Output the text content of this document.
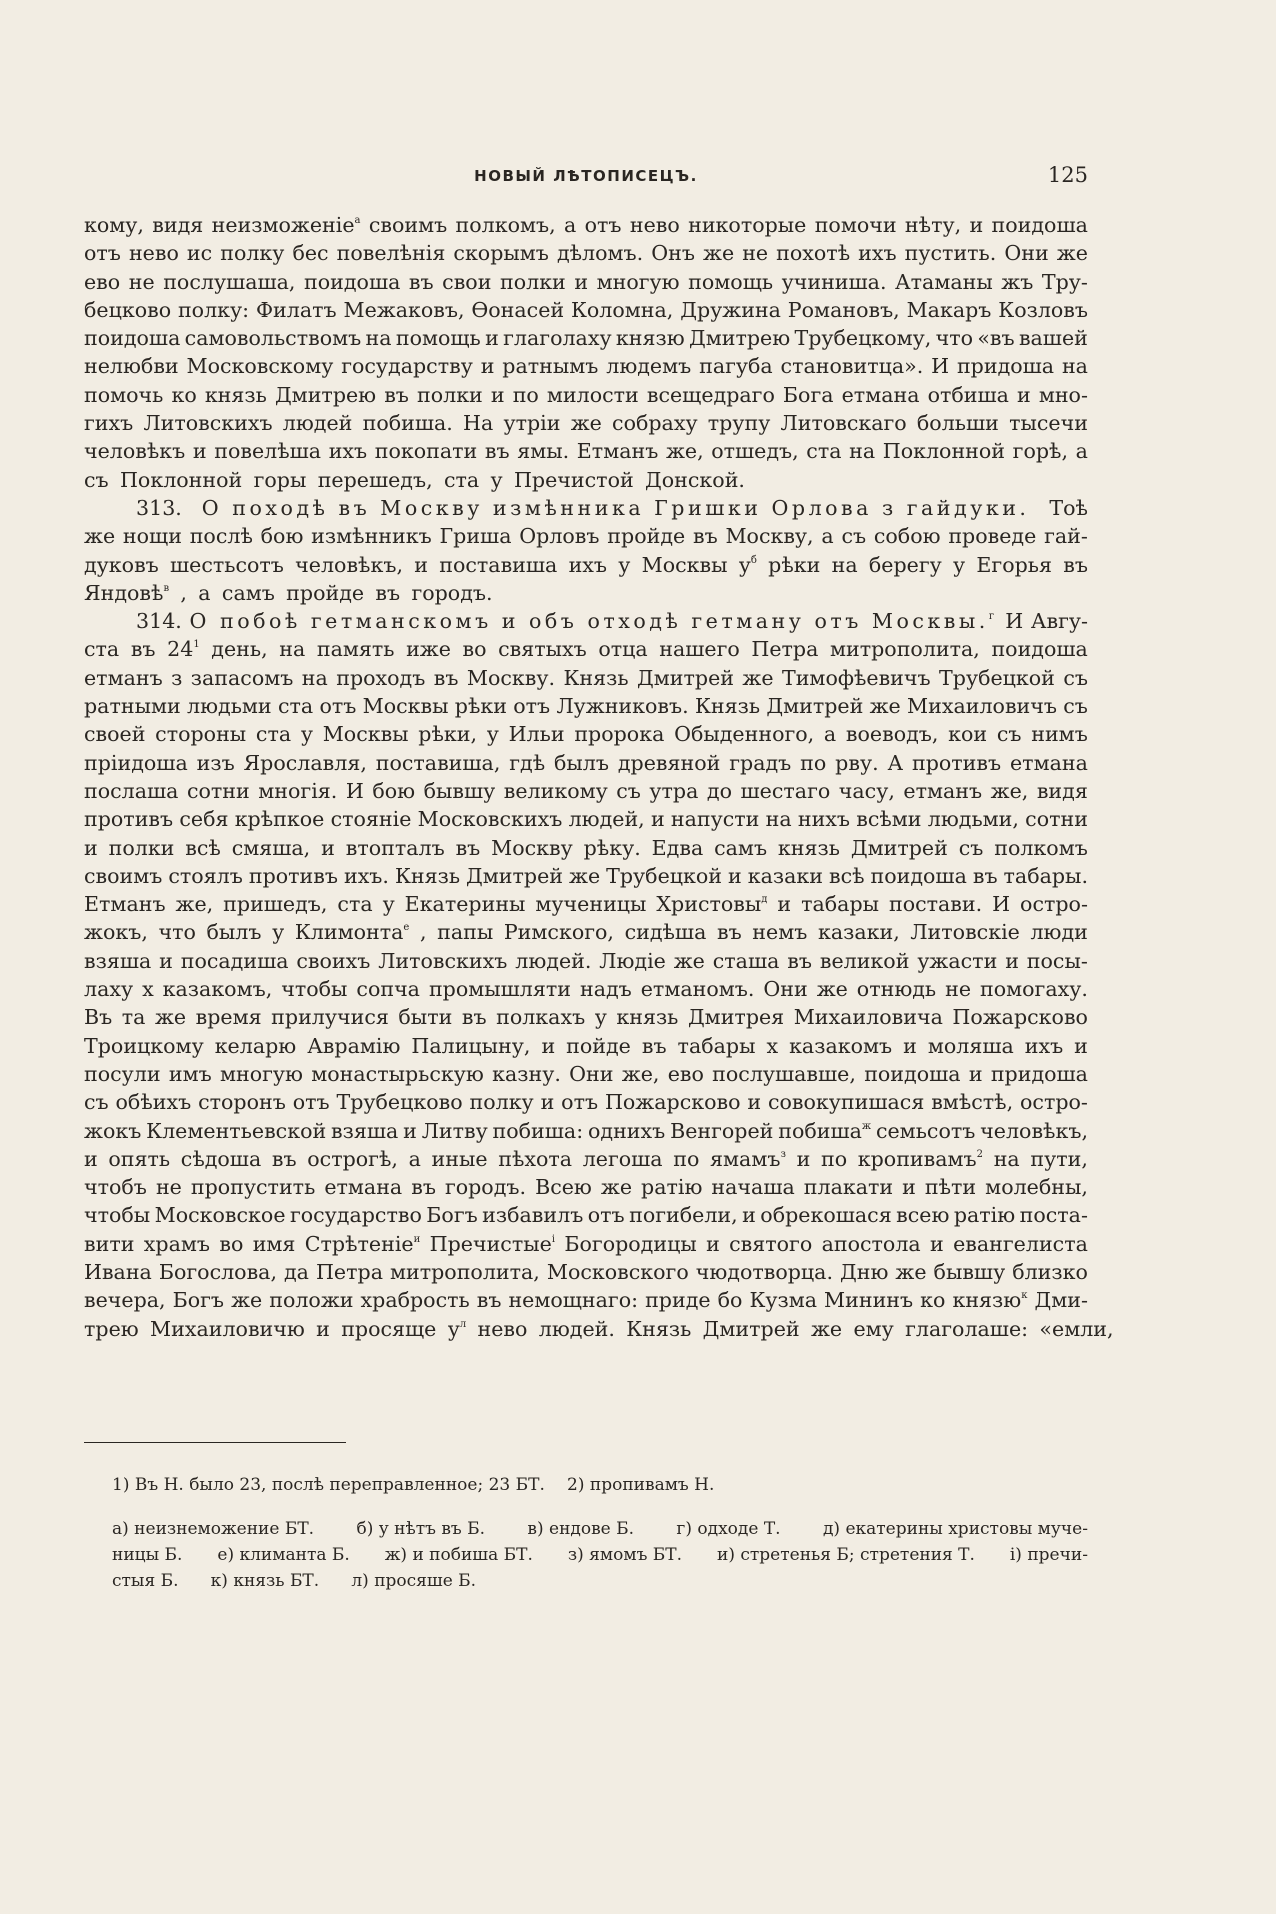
НОВЫЙ ЛѢТОПИСЕЦЪ.	125
кому, видя неизможеніе$^а$ своимъ полкомъ, а отъ нево никоторые помочи нѣту, и поидоша
отъ нево ис полку бес повелѣнія скорымъ дѣломъ. Онъ же не похотѣ ихъ пустить. Они же
ево не послушаша, поидоша въ свои полки и многую помощь учиниша. Атаманы жъ Тру-
бецково полку: Филатъ Межаковъ, Ѳонасей Коломна, Дружина Романовъ, Макаръ Козловъ
поидоша самовольствомъ на помощь и глаголаху князю Дмитрею Трубецкому, что «въ вашей
нелюбви Московскому государству и ратнымъ людемъ пагуба становитца». И придоша на
помочь ко князь Дмитрею въ полки и по милости всещедраго Бога етмана отбиша и мно-
гихъ Литовскихъ людей побиша. На утріи же собраху трупу Литовскаго больши тысечи
человѣкъ и повелѣша ихъ покопати въ ямы. Етманъ же, отшедъ, ста на Поклонной горѣ, а
съ Поклонной горы перешедъ, ста у Пречистой Донской.
313. О походѣ въ Москву измѣнника Гришки Орлова з гайдуки. Тоѣ
же нощи послѣ бою измѣнникъ Гриша Орловъ пройде въ Москву, а съ собою проведе гай-
дуковъ шестьсотъ человѣкъ, и поставиша ихъ у Москвы $у^б$ рѣки на берегу у Егорья въ
Яндовѣ$^в$ , а самъ пройде въ городъ.
314. О побоѣ гетманскомъ и объ отходѣ гетману отъ Москвы.$^г$ И Авгу-
ста въ $24^1$ день, на память иже во святыхъ отца нашего Петра митрополита, поидоша
етманъ з запасомъ на проходъ въ Москву. Князь Дмитрей же Тимофѣевичъ Трубецкой съ
ратными людьми ста отъ Москвы рѣки отъ Лужниковъ. Князь Дмитрей же Михаиловичъ съ
своей стороны ста у Москвы рѣки, у Ильи пророка Обыденного, а воеводъ, кои съ нимъ
пріидоша изъ Ярославля, поставиша, гдѣ былъ древяной градъ по рву. А противъ етмана
послаша сотни многія. И бою бывшу великому съ утра до шестаго часу, етманъ же, видя
противъ себя крѣпкое стояніе Московскихъ людей, и напусти на нихъ всѣми людьми, сотни
и полки всѣ смяша, и втопталъ въ Москву рѣку. Едва самъ князь Дмитрей съ полкомъ
своимъ стоялъ противъ ихъ. Князь Дмитрей же Трубецкой и казаки всѣ поидоша въ табары.
Етманъ же, пришедъ, ста у Екатерины мученицы Христовы$^д$ и табары постави. И остро-
жокъ, что былъ у Климонта$^е$ , папы Римского, сидѣша въ немъ казаки, Литовскіе люди
взяша и посадиша своихъ Литовскихъ людей. Людіе же сташа въ великой ужасти и посы-
лаху х казакомъ, чтобы сопча промышляти надъ етманомъ. Они же отнюдь не помогаху.
Въ та же время прилучися быти въ полкахъ у князь Дмитрея Михаиловича Пожарсково
Троицкому келарю Аврамію Палицыну, и пойде въ табары х казакомъ и моляша ихъ и
посули имъ многую монастырьскую казну. Они же, ево послушавше, поидоша и придоша
съ обѣихъ сторонъ отъ Трубецково полку и отъ Пожарсково и совокупишася вмѣстѣ, остро-
жокъ Клементьевской взяша и Литву побиша: однихъ Венгорей побиша$^ж$ семьсотъ человѣкъ,
и опять сѣдоша въ острогѣ, а иные пѣхота легоша по ямамъ$^з$ и по кропивамъ$^2$ на пути,
чтобъ не пропустить етмана въ городъ. Всею же ратію начаша плакати и пѣти молебны,
чтобы Московское государство Богъ избавилъ отъ погибели, и обрекошася всею ратію поста-
вити храмъ во имя Стрѣтеніе$^и$ Пречистые$^і$ Богородицы и святого апостола и евангелиста
Ивана Богослова, да Петра митрополита, Московского чюдотворца. Дню же бывшу близко
вечера, Богъ же положи храбрость въ немощнаго: приде бо Кузма Мининъ ко князю$^к$ Дми-
трею Михаиловичю и просяще $у^л$ нево людей. Князь Дмитрей же ему глаголаше: «емли,
1) Въ Н. было 23, послѣ переправленное; 23 БТ. 2) пропивамъ Н.
а) неизнеможение БТ. б) у нѣтъ въ Б. в) ендове Б. г) одходе Т. д) екатерины христовы муче-
ницы Б. е) климанта Б. ж) и побиша БТ. з) ямомъ БТ. и) стретенья Б; стретения Т. і) пречи-
стыя Б. к) князь БТ. л) просяше Б.
